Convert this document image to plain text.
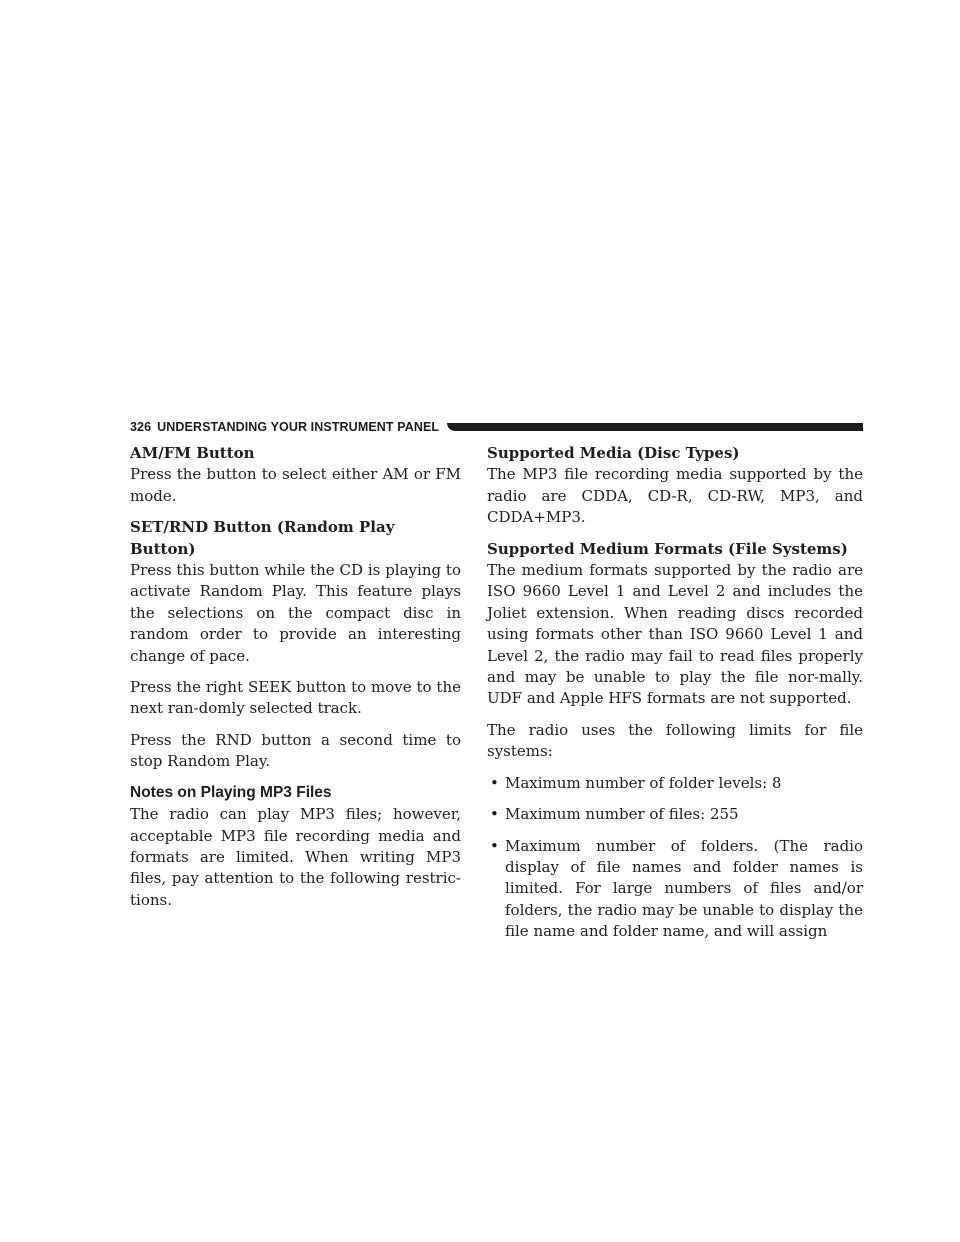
326 UNDERSTANDING YOUR INSTRUMENT PANEL
AM/FM Button

Press the button to select either AM or FM mode.

SET/RND Button (Random Play Button)

Press this button while the CD is playing to activate Random Play. This feature plays the selections on the compact disc in random order to provide an interesting change of pace.

Press the right SEEK button to move to the next ran-domly selected track.

Press the RND button a second time to stop Random Play.

Notes on Playing MP3 Files

The radio can play MP3 files; however, acceptable MP3 file recording media and formats are limited. When writing MP3 files, pay attention to the following restric-tions.

Supported Media (Disc Types)

The MP3 file recording media supported by the radio are CDDA, CD-R, CD-RW, MP3, and CDDA+MP3.

Supported Medium Formats (File Systems)

The medium formats supported by the radio are ISO 9660 Level 1 and Level 2 and includes the Joliet extension. When reading discs recorded using formats other than ISO 9660 Level 1 and Level 2, the radio may fail to read files properly and may be unable to play the file nor-mally. UDF and Apple HFS formats are not supported.

The radio uses the following limits for file systems:

• Maximum number of folder levels: 8
• Maximum number of files: 255
• Maximum number of folders. (The radio display of file names and folder names is limited. For large numbers of files and/or folders, the radio may be unable to display the file name and folder name, and will assign
